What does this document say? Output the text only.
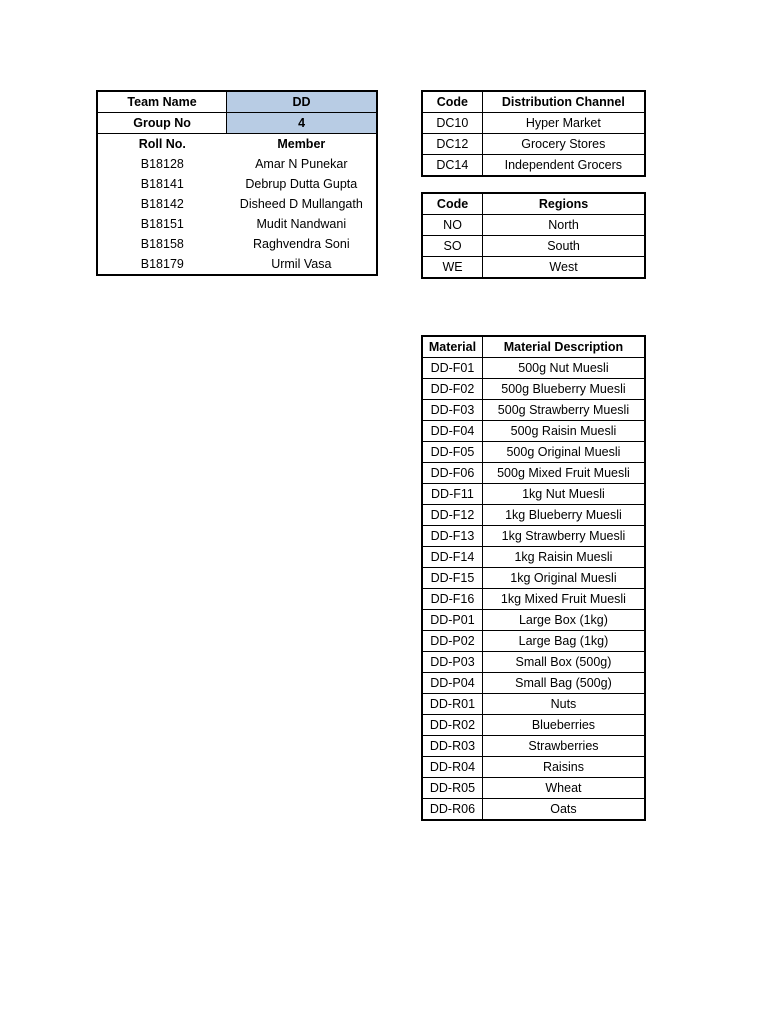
Team Name	DD
Group No	4
Roll No.	Member
B18128	Amar N Punekar
B18141	Debrup Dutta Gupta
B18142	Disheed D Mullangath
B18151	Mudit Nandwani
B18158	Raghvendra Soni
B18179	Urmil Vasa
Code	Distribution Channel
DC10	Hyper Market
DC12	Grocery Stores
DC14	Independent Grocers
Code	Regions
NO	North
SO	South
WE	West
Material	Material Description
DD-F01	500g Nut Muesli
DD-F02	500g Blueberry Muesli
DD-F03	500g Strawberry Muesli
DD-F04	500g Raisin Muesli
DD-F05	500g Original Muesli
DD-F06	500g Mixed Fruit Muesli
DD-F11	1kg Nut Muesli
DD-F12	1kg Blueberry Muesli
DD-F13	1kg Strawberry Muesli
DD-F14	1kg Raisin Muesli
DD-F15	1kg Original Muesli
DD-F16	1kg Mixed Fruit Muesli
DD-P01	Large Box (1kg)
DD-P02	Large Bag (1kg)
DD-P03	Small Box (500g)
DD-P04	Small Bag (500g)
DD-R01	Nuts
DD-R02	Blueberries
DD-R03	Strawberries
DD-R04	Raisins
DD-R05	Wheat
DD-R06	Oats
